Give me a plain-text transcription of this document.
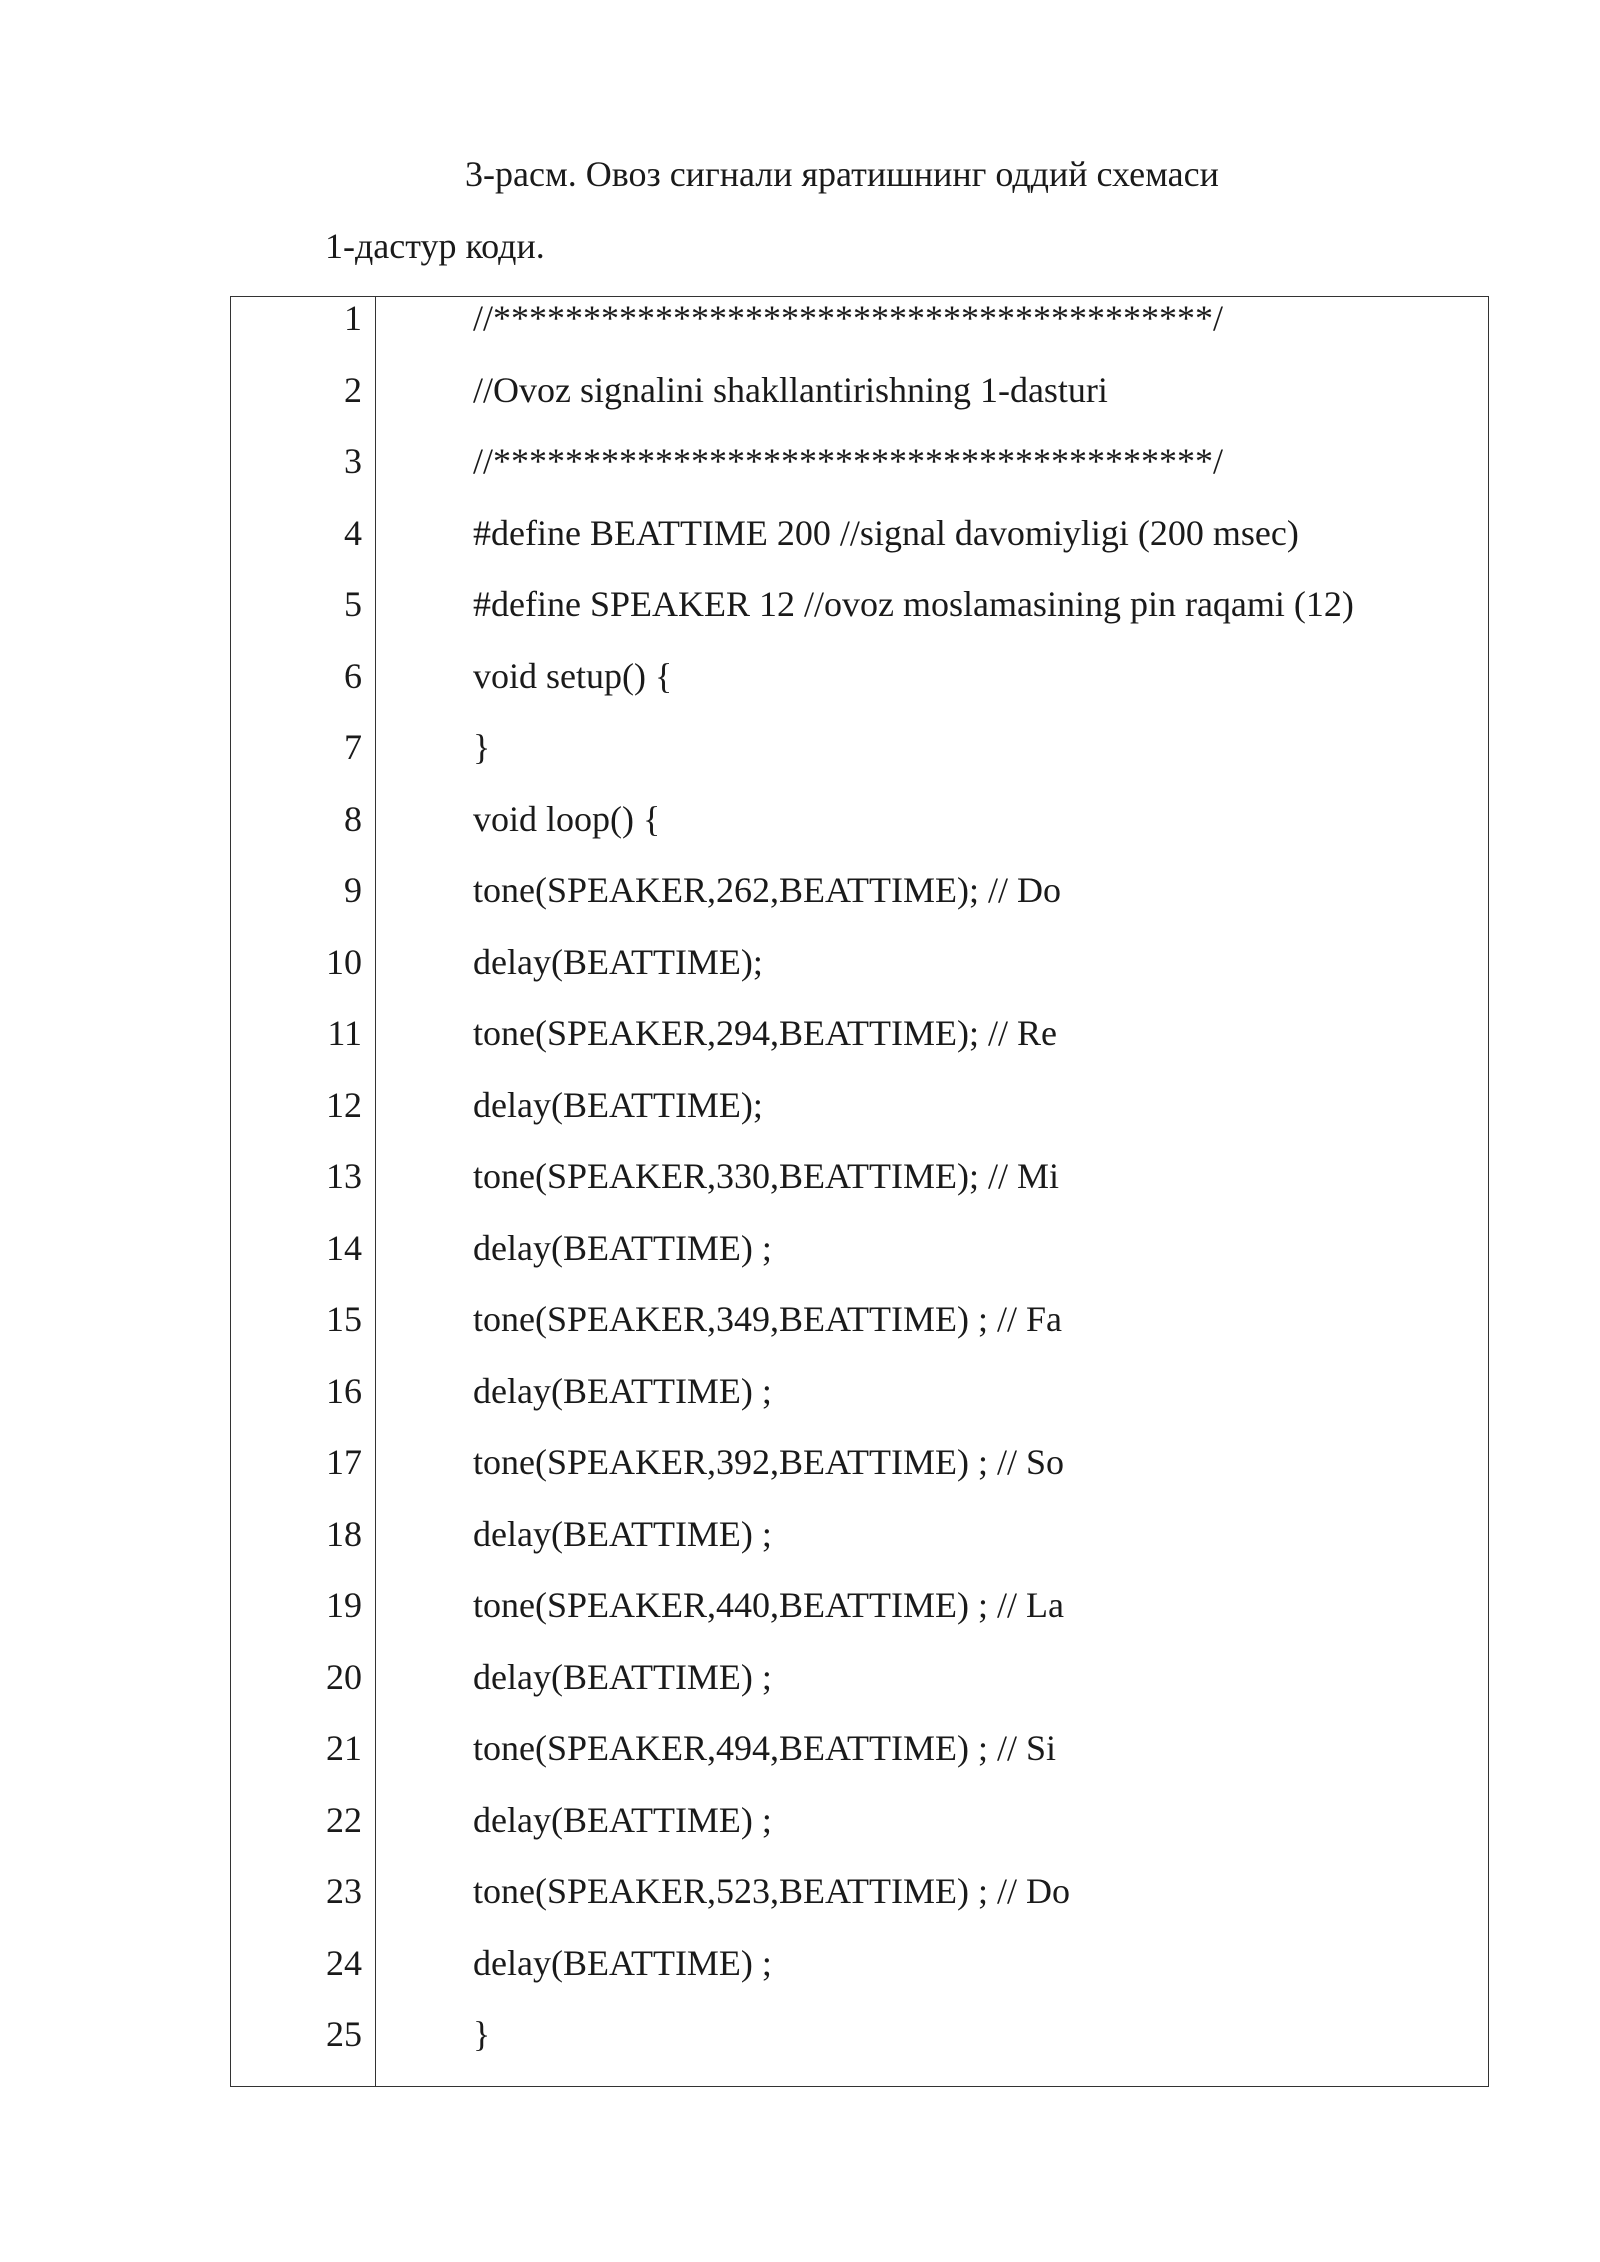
3-расм. Овоз сигнали яратишнинг оддий схемаси
1-дастур коди.
1	//****************************************/
2	//Ovoz signalini shakllantirishning 1-dasturi
3	//****************************************/
4	#define BEATTIME 200 //signal davomiyligi (200 msec)
5	#define SPEAKER 12 //ovoz moslamasining pin raqami (12)
6	void setup() {
7	}
8	void loop() {
9	tone(SPEAKER,262,BEATTIME); // Do
10	delay(BEATTIME);
11	tone(SPEAKER,294,BEATTIME); // Re
12	delay(BEATTIME);
13	tone(SPEAKER,330,BEATTIME); // Mi
14	delay(BEATTIME) ;
15	tone(SPEAKER,349,BEATTIME) ; // Fa
16	delay(BEATTIME) ;
17	tone(SPEAKER,392,BEATTIME) ; // So
18	delay(BEATTIME) ;
19	tone(SPEAKER,440,BEATTIME) ; // La
20	delay(BEATTIME) ;
21	tone(SPEAKER,494,BEATTIME) ; // Si
22	delay(BEATTIME) ;
23	tone(SPEAKER,523,BEATTIME) ; // Do
24	delay(BEATTIME) ;
25	}
